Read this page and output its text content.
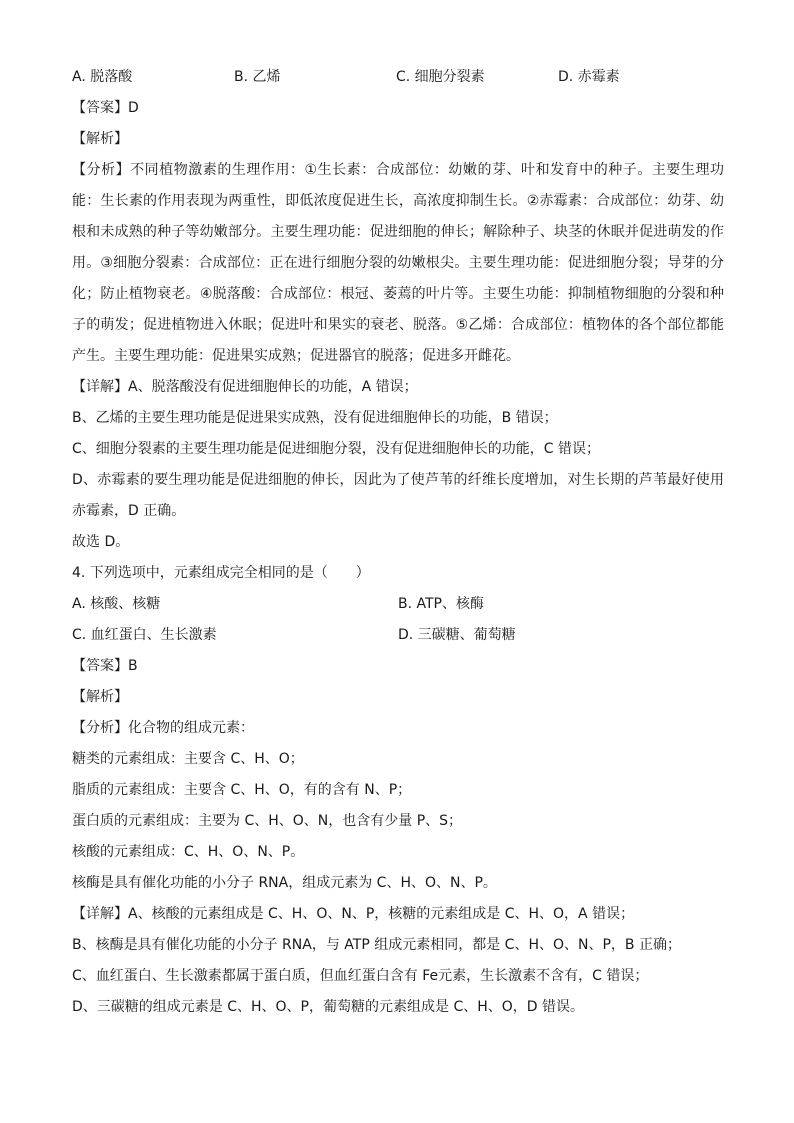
A. 脱落酸	B. 乙烯	C. 细胞分裂素	D. 赤霉素
【答案】D
【解析】
【分析】不同植物激素的生理作用：①生长素：合成部位：幼嫩的芽、叶和发育中的种子。主要生理功能：生长素的作用表现为两重性，即低浓度促进生长，高浓度抑制生长。②赤霉素：合成部位：幼芽、幼根和未成熟的种子等幼嫩部分。主要生理功能：促进细胞的伸长；解除种子、块茎的休眠并促进萌发的作用。③细胞分裂素：合成部位：正在进行细胞分裂的幼嫩根尖。主要生理功能：促进细胞分裂；导芽的分化；防止植物衰老。④脱落酸：合成部位：根冠、萎蔫的叶片等。主要生功能：抑制植物细胞的分裂和种子的萌发；促进植物进入休眠；促进叶和果实的衰老、脱落。⑤乙烯：合成部位：植物体的各个部位都能产生。主要生理功能：促进果实成熟；促进器官的脱落；促进多开雌花。
【详解】A、脱落酸没有促进细胞伸长的功能，A 错误；
B、乙烯的主要生理功能是促进果实成熟，没有促进细胞伸长的功能，B 错误；
C、细胞分裂素的主要生理功能是促进细胞分裂，没有促进细胞伸长的功能，C 错误；
D、赤霉素的要生理功能是促进细胞的伸长，因此为了使芦苇的纤维长度增加，对生长期的芦苇最好使用赤霉素，D 正确。
故选 D。
4. 下列选项中，元素组成完全相同的是（　　）
A. 核酸、核糖	B. ATP、核酶
C. 血红蛋白、生长激素	D. 三碳糖、葡萄糖
【答案】B
【解析】
【分析】化合物的组成元素：
糖类的元素组成：主要含 C、H、O；
脂质的元素组成：主要含 C、H、O，有的含有 N、P；
蛋白质的元素组成：主要为 C、H、O、N，也含有少量 P、S；
核酸的元素组成：C、H、O、N、P。
核酶是具有催化功能的小分子 RNA，组成元素为 C、H、O、N、P。
【详解】A、核酸的元素组成是 C、H、O、N、P，核糖的元素组成是 C、H、O，A 错误；
B、核酶是具有催化功能的小分子 RNA，与 ATP 组成元素相同，都是 C、H、O、N、P，B 正确；
C、血红蛋白、生长激素都属于蛋白质，但血红蛋白含有 Fe元素，生长激素不含有，C 错误；
D、三碳糖的组成元素是 C、H、O、P，葡萄糖的元素组成是 C、H、O，D 错误。
